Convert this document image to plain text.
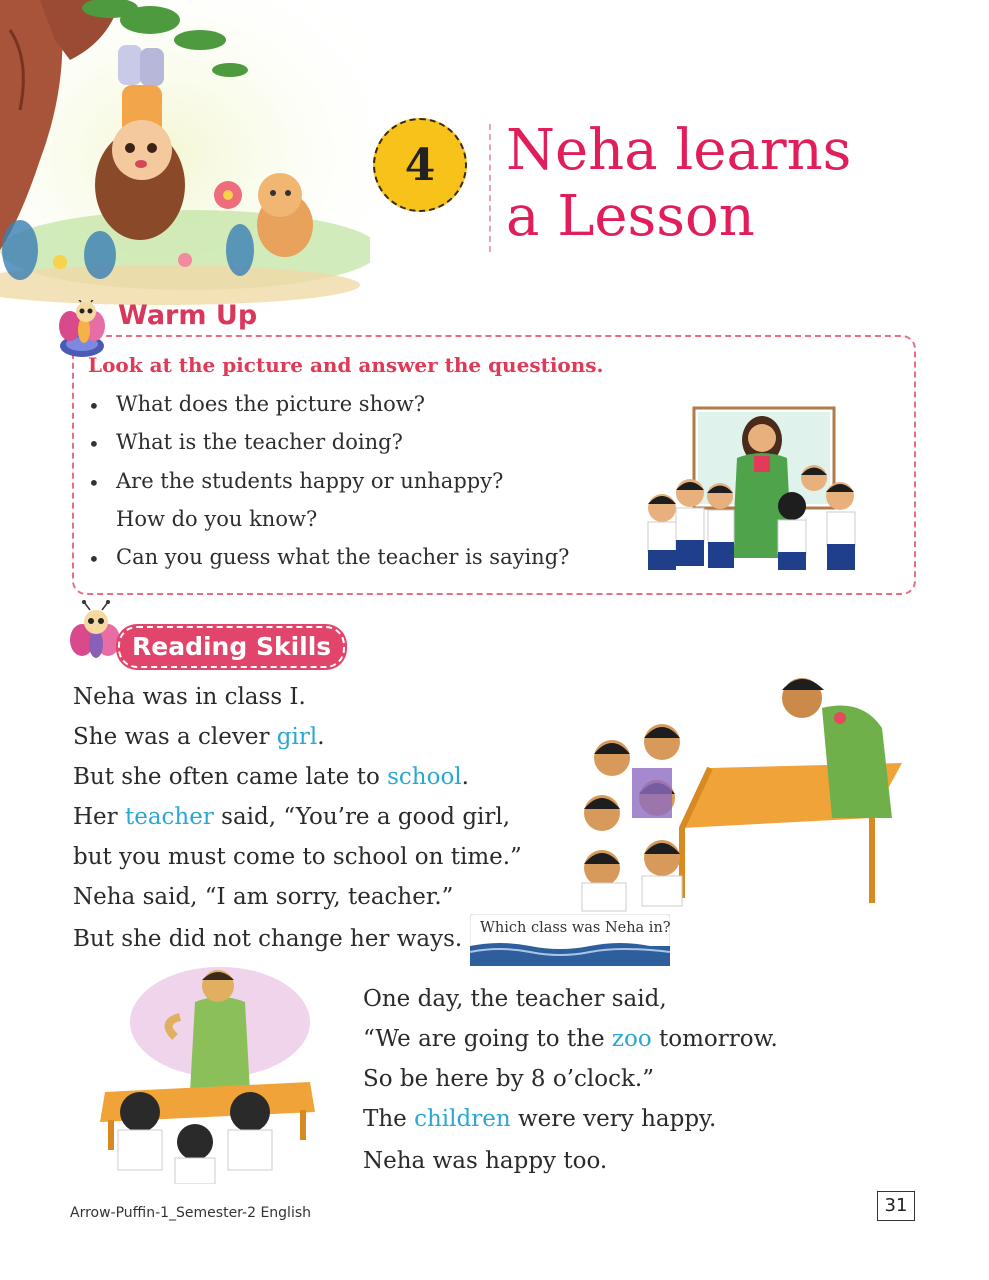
4 Neha learns
a Lesson
Warm Up
Look at the picture and answer the questions.
• What does the picture show?
• What is the teacher doing?
• Are the students happy or unhappy?
How do you know?
• Can you guess what the teacher is saying?
Reading Skills
Neha was in class I.
She was a clever girl.
But she often came late to school.
Her teacher said, “You’re a good girl,
but you must come to school on time.”
Neha said, “I am sorry, teacher.”
But she did not change her ways. Which class was Neha in?
One day, the teacher said,
“We are going to the zoo tomorrow.
So be here by 8 o’clock.”
The children were very happy.
Neha was happy too.
Arrow-Puffin-1_Semester-2 English	31
